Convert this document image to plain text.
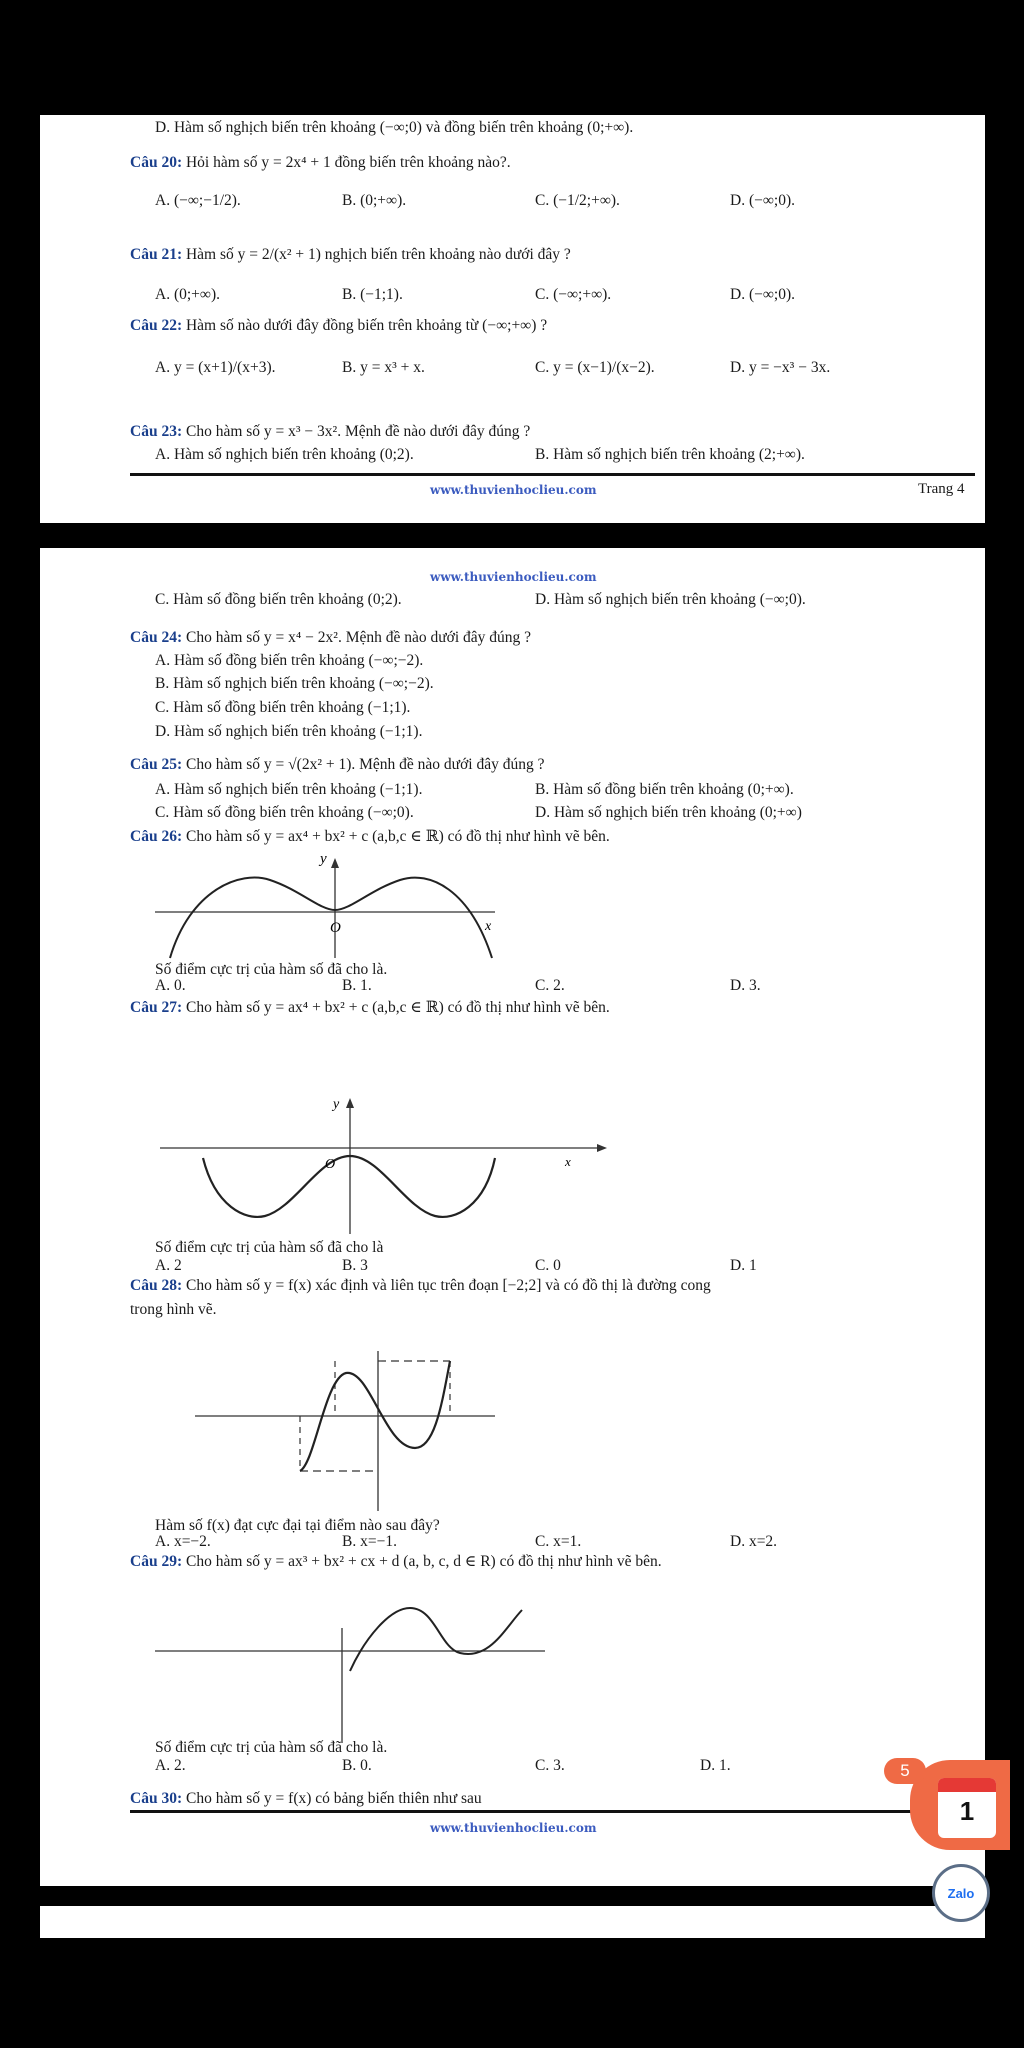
D. Hàm số nghịch biến trên khoảng (−∞;0) và đồng biến trên khoảng (0;+∞).
Câu 20: Hỏi hàm số y = 2x⁴ + 1 đồng biến trên khoảng nào?.
A. (−∞;−1/2).	B. (0;+∞).	C. (−1/2;+∞).	D. (−∞;0).
Câu 21: Hàm số y = 2/(x² + 1) nghịch biến trên khoảng nào dưới đây ?
A. (0;+∞).	B. (−1;1).	C. (−∞;+∞).	D. (−∞;0).
Câu 22: Hàm số nào dưới đây đồng biến trên khoảng từ (−∞;+∞) ?
A. y = (x+1)/(x+3).	B. y = x³ + x.	C. y = (x−1)/(x−2).	D. y = −x³ − 3x.
Câu 23: Cho hàm số y = x³ − 3x². Mệnh đề nào dưới đây đúng ?
A. Hàm số nghịch biến trên khoảng (0;2).	B. Hàm số nghịch biến trên khoảng (2;+∞).
www.thuvienhoclieu.com	Trang 4
www.thuvienhoclieu.com
C. Hàm số đồng biến trên khoảng (0;2).	D. Hàm số nghịch biến trên khoảng (−∞;0).
Câu 24: Cho hàm số y = x⁴ − 2x². Mệnh đề nào dưới đây đúng ?
A. Hàm số đồng biến trên khoảng (−∞;−2).
B. Hàm số nghịch biến trên khoảng (−∞;−2).
C. Hàm số đồng biến trên khoảng (−1;1).
D. Hàm số nghịch biến trên khoảng (−1;1).
Câu 25: Cho hàm số y = √(2x² + 1). Mệnh đề nào dưới đây đúng ?
A. Hàm số nghịch biến trên khoảng (−1;1).	B. Hàm số đồng biến trên khoảng (0;+∞).
C. Hàm số đồng biến trên khoảng (−∞;0).	D. Hàm số nghịch biến trên khoảng (0;+∞)
Câu 26: Cho hàm số y = ax⁴ + bx² + c (a,b,c ∈ ℝ) có đồ thị như hình vẽ bên.
y
O	x
Số điểm cực trị của hàm số đã cho là.
A. 0.	B. 1.	C. 2.	D. 3.
Câu 27: Cho hàm số y = ax⁴ + bx² + c (a,b,c ∈ ℝ) có đồ thị như hình vẽ bên.
y
O	x
Số điểm cực trị của hàm số đã cho là
A. 2	B. 3	C. 0	D. 1
Câu 28: Cho hàm số y = f(x) xác định và liên tục trên đoạn [−2;2] và có đồ thị là đường cong
trong hình vẽ.
Hàm số f(x) đạt cực đại tại điểm nào sau đây?
A. x=−2.	B. x=−1.	C. x=1.	D. x=2.
Câu 29: Cho hàm số y = ax³ + bx² + cx + d (a, b, c, d ∈ R) có đồ thị như hình vẽ bên.
Số điểm cực trị của hàm số đã cho là.
A. 2.	B. 0.	C. 3.	D. 1.
Câu 30: Cho hàm số y = f(x) có bảng biến thiên như sau
www.thuvienhoclieu.com
1
5
Zalo
